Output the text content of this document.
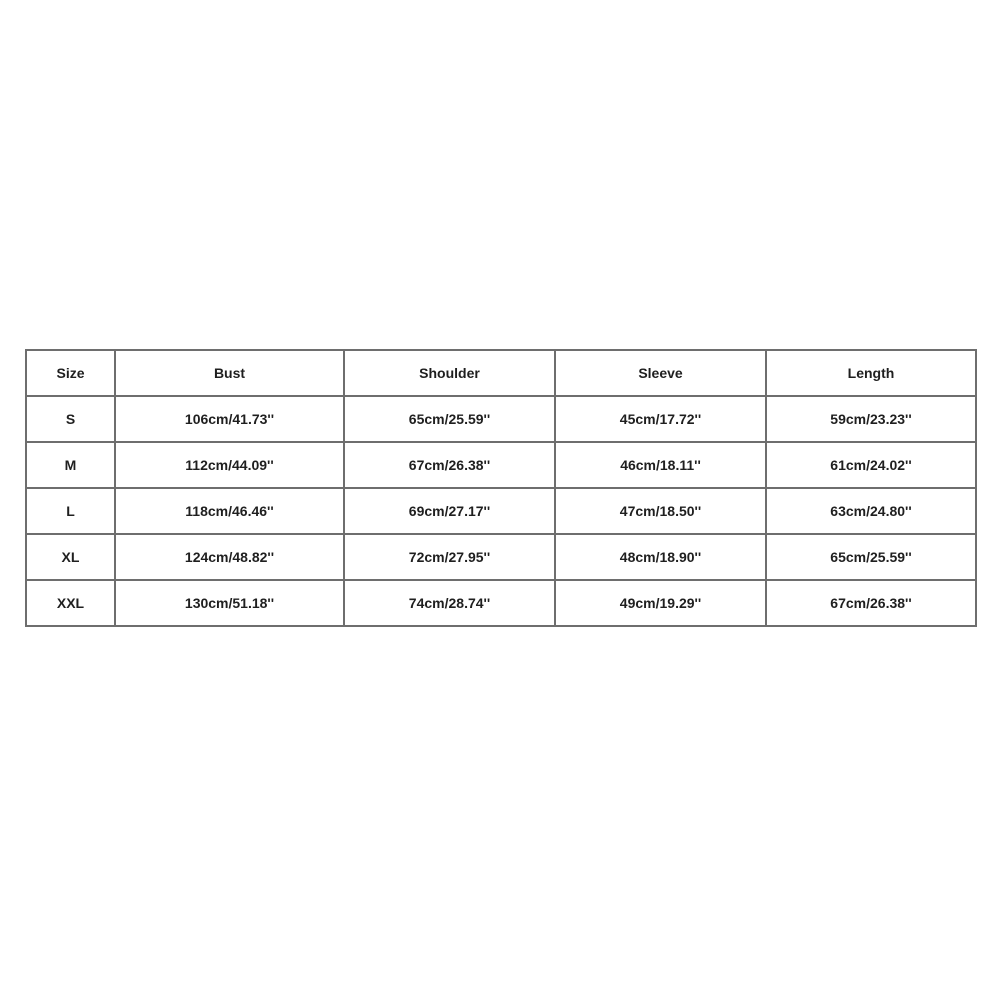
Size	Bust	Shoulder	Sleeve	Length
S	106cm/41.73''	65cm/25.59''	45cm/17.72''	59cm/23.23''
M	112cm/44.09''	67cm/26.38''	46cm/18.11''	61cm/24.02''
L	118cm/46.46''	69cm/27.17''	47cm/18.50''	63cm/24.80''
XL	124cm/48.82''	72cm/27.95''	48cm/18.90''	65cm/25.59''
XXL	130cm/51.18''	74cm/28.74''	49cm/19.29''	67cm/26.38''
